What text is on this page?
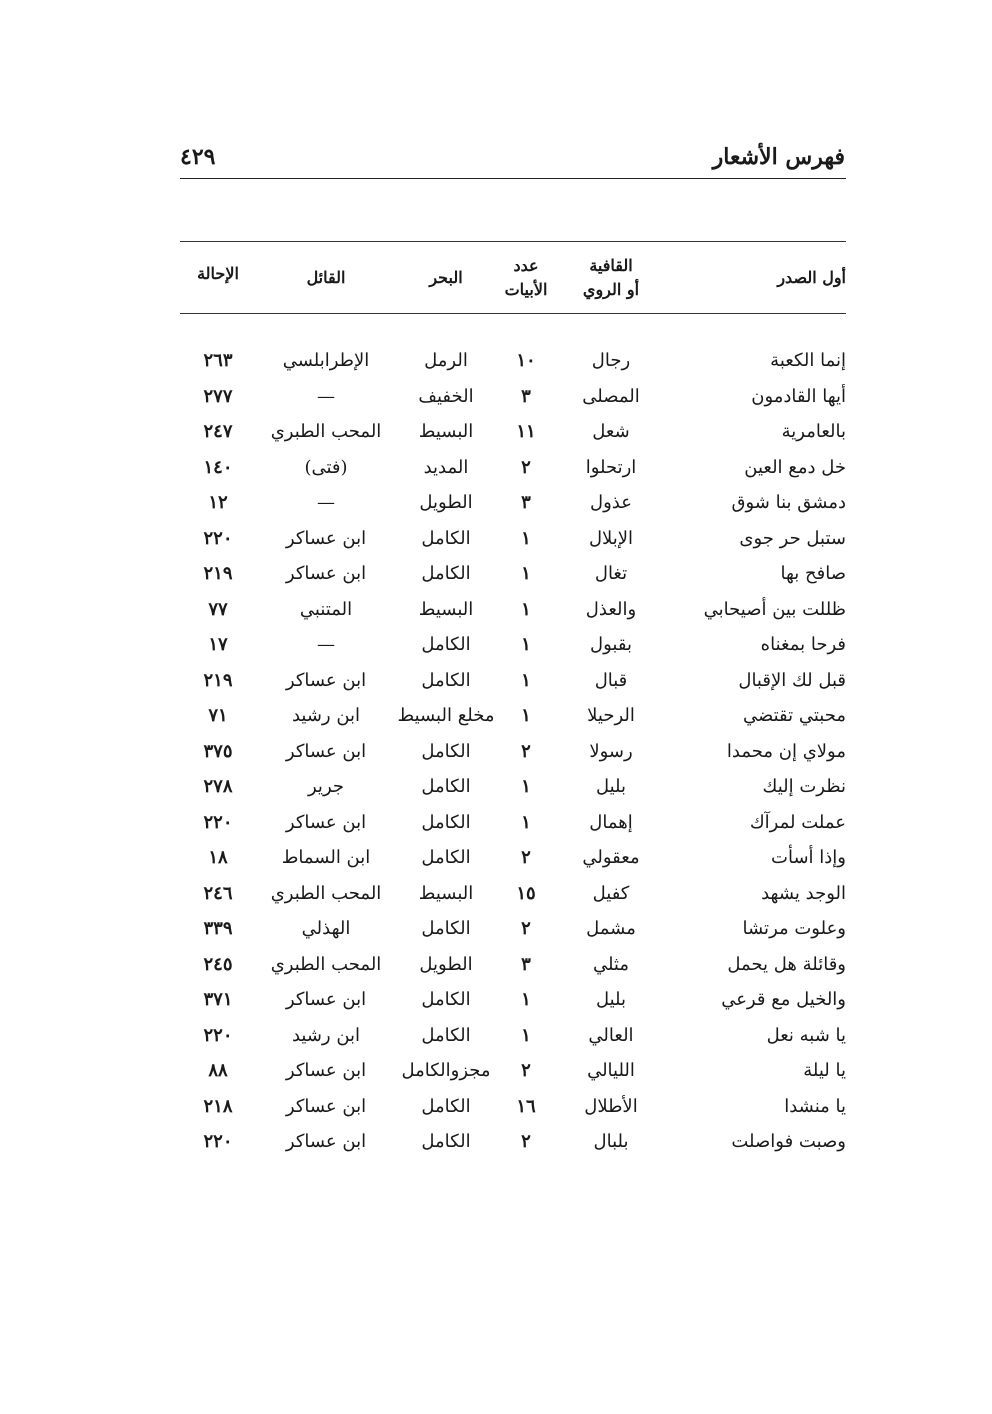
فهرس الأشعار
٤٢٩
أول الصدر
القافية
أو الروي
عدد
الأبيات
البحر
القائل
الإحالة
إنما الكعبة
رجال
١٠
الرمل
الإطرابلسي
٢٦٣
أيها القادمون
المصلى
٣
الخفيف
—
٢٧٧
بالعامرية
شعل
١١
البسيط
المحب الطبري
٢٤٧
خل دمع العين
ارتحلوا
٢
المديد
(فتى)
١٤٠
دمشق بنا شوق
عذول
٣
الطويل
—
١٢
ستبل حر جوى
الإبلال
١
الكامل
ابن عساكر
٢٢٠
صافح بها
تغال
١
الكامل
ابن عساكر
٢١٩
ظللت بين أصيحابي
والعذل
١
البسيط
المتنبي
٧٧
فرحا بمغناه
بقبول
١
الكامل
—
١٧
قبل لك الإقبال
قبال
١
الكامل
ابن عساكر
٢١٩
محبتي تقتضي
الرحيلا
١
مخلع البسيط
ابن رشيد
٧١
مولاي إن محمدا
رسولا
٢
الكامل
ابن عساكر
٣٧٥
نظرت إليك
بليل
١
الكامل
جرير
٢٧٨
عملت لمرآك
إهمال
١
الكامل
ابن عساكر
٢٢٠
وإذا أسأت
معقولي
٢
الكامل
ابن السماط
١٨
الوجد يشهد
كفيل
١٥
البسيط
المحب الطبري
٢٤٦
وعلوت مرتشا
مشمل
٢
الكامل
الهذلي
٣٣٩
وقائلة هل يحمل
مثلي
٣
الطويل
المحب الطبري
٢٤٥
والخيل مع قرعي
بليل
١
الكامل
ابن عساكر
٣٧١
يا شبه نعل
العالي
١
الكامل
ابن رشيد
٢٢٠
يا ليلة
الليالي
٢
مجزوالكامل
ابن عساكر
٨٨
يا منشدا
الأطلال
١٦
الكامل
ابن عساكر
٢١٨
وصبت فواصلت
بلبال
٢
الكامل
ابن عساكر
٢٢٠
